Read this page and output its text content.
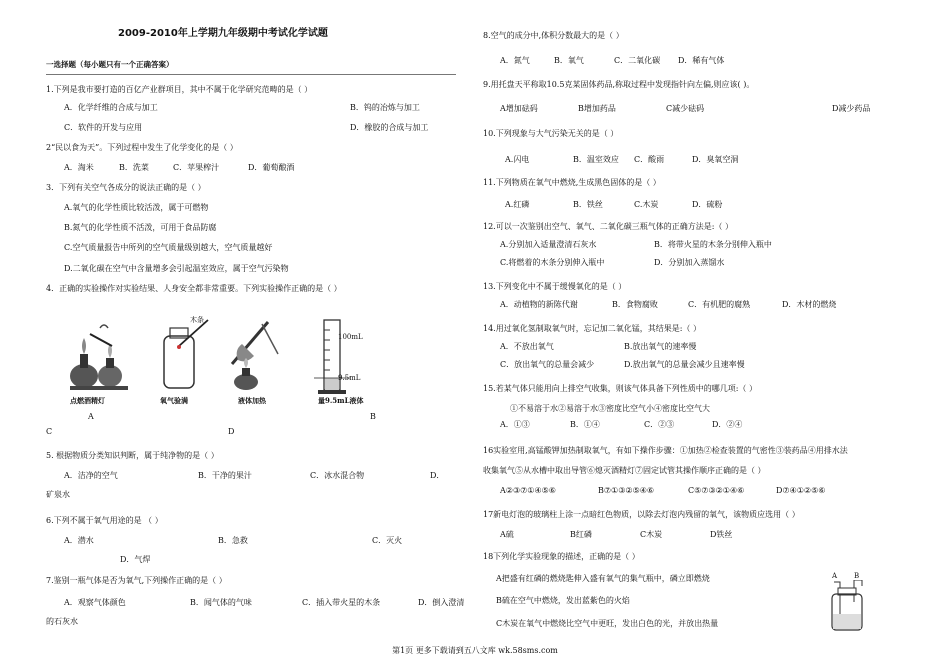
2009-2010年上学期九年级期中考试化学试题
一选择题（每小题只有一个正确答案）
1.下列是我市要打造的百亿产业群项目，其中不属于化学研究范畴的是（ ）
A．化学纤维的合成与加工	B．钨的冶炼与加工
C．软件的开发与应用	D．橡胶的合成与加工
2“民以食为天”。下列过程中发生了化学变化的是（ ）
A．淘米	B．洗菜	C．苹果榨汁	D．葡萄酿酒
3．下列有关空气各成分的说法正确的是（ ）
A.氧气的化学性质比较活泼，属于可燃物
B.氮气的化学性质不活泼，可用于食品防腐
C.空气质量报告中所列的空气质量级别越大，空气质量越好
D.二氧化碳在空气中含量增多会引起温室效应，属于空气污染物
4．正确的实验操作对实验结果、人身安全都非常重要。下列实验操作正确的是（ ）
点燃酒精灯
木条
氧气验满	液体加热
100mL
9.5mL
量9.5mL液体
A	B
C	D
5. 根据物质分类知识判断，属于纯净物的是（ ）
A．洁净的空气	B．干净的果汁	C．冰水混合物	D．
矿泉水
6.下列不属于氧气用途的是 （ ）
A．潜水	B．急救	C．灭火
D．气焊
7.鉴别一瓶气体是否为氧气,下列操作正确的是（ ）
A．观察气体颜色	B．闻气体的气味	C．插入带火星的木条	D．倒入澄清
的石灰水
8.空气的成分中,体积分数最大的是（ ）
A．氮气	B．氧气	C．二氧化碳 D．稀有气体
9.用托盘天平称取10.5克某固体药品,称取过程中发现指针向左偏,则应该( )。
A增加砝码	B增加药品	C减少砝码	D减少药品
10.下列现象与大气污染无关的是（ ）
A.闪电	B．温室效应 C．酸雨	D．臭氧空洞
11.下列物质在氧气中燃烧,生成黑色固体的是（ ）
A.红磷	B．铁丝	C.木炭	D．硫粉
12.可以一次鉴别出空气、氧气、二氧化碳三瓶气体的正确方法是:（ ）
A.分别加入适量澄清石灰水	B．将带火星的木条分别伸入瓶中
C.将燃着的木条分别伸入瓶中	D．分别加入蒸馏水
13.下列变化中不属于缓慢氧化的是（ ）
A．动植物的新陈代谢	B．食物腐败	C．有机肥的腐熟	D．木材的燃烧
14.用过氧化氢制取氧气时，忘记加二氧化锰，其结果是:（ ）
A．不放出氧气	B.放出氧气的速率慢
C．放出氧气的总量会减少	D.放出氧气的总量会减少且速率慢
15.若某气体只能用向上排空气收集，则该气体具备下列性质中的哪几项:（ ）
①不易溶于水②易溶于水③密度比空气小④密度比空气大
A．①③	B．①④	C．②③	D．②④
16实验室用,高锰酸钾加热制取氧气，有如下操作步骤：①加热②检查装置的气密性③装药品④用排水法
收集氧气⑤从水槽中取出导管⑥熄灭酒精灯⑦固定试管其操作顺序正确的是（ ）
A②③⑦①④⑤⑥	B⑦①③②⑤④⑥	C⑤⑦③②①④⑥	D⑦④①②⑤⑥
17新电灯泡的玻璃柱上涂一点暗红色物质，以除去灯泡内残留的氧气，该物质应选用（ ）
A硫	B红磷	C木炭	D铁丝
18下列化学实验现象的描述，正确的是（ ）
A把盛有红磷的燃烧匙伸入盛有氧气的集气瓶中，磷立即燃烧
B硫在空气中燃烧，发出蓝紫色的火焰
C木炭在氧气中燃烧比空气中更旺，发出白色的光，并放出热量
A B
第1页 更多下载请到五八文库 wk.58sms.com
